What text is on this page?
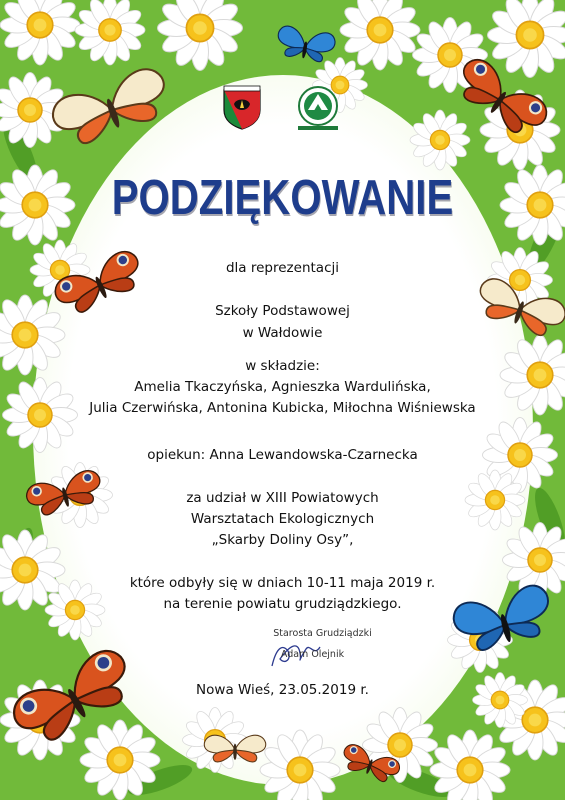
PODZIĘKOWANIE
dla reprezentacji
Szkoły Podstawowej
w Wałdowie
w składzie:
Amelia Tkaczyńska, Agnieszka Wardulińska,
Julia Czerwińska, Antonina Kubicka, Miłochna Wiśniewska
opiekun: Anna Lewandowska-Czarnecka
za udział w XIII Powiatowych
Warsztatach Ekologicznych
„Skarby Doliny Osy”,
które odbyły się w dniach 10-11 maja 2019 r.
na terenie powiatu grudziądzkiego.
Starosta Grudziądzki
Adam Olejnik
Nowa Wieś, 23.05.2019 r.
